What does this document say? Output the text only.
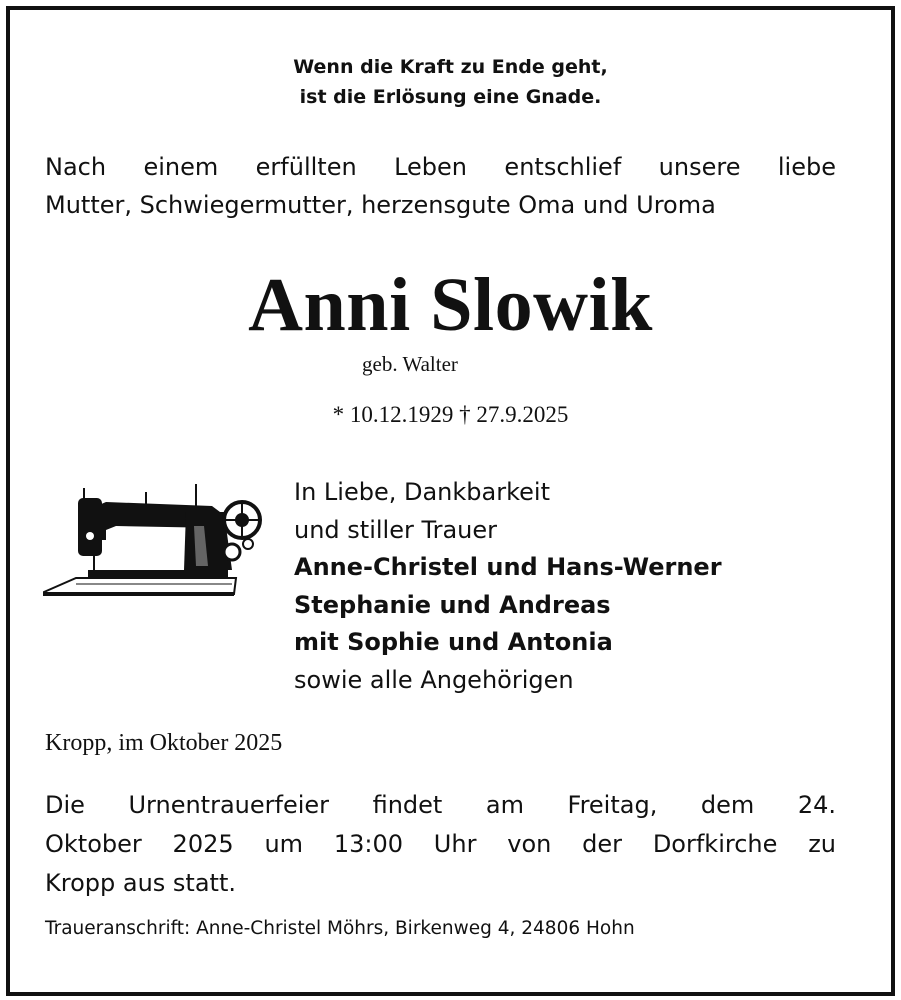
Wenn die Kraft zu Ende geht,
ist die Erlösung eine Gnade.
Nach einem erfüllten Leben entschlief unsere liebe
Mutter, Schwiegermutter, herzensgute Oma und Uroma
Anni Slowik
geb. Walter
* 10.12.1929 † 27.9.2025
In Liebe, Dankbarkeit
und stiller Trauer
Anne-Christel und Hans-Werner
Stephanie und Andreas
mit Sophie und Antonia
sowie alle Angehörigen
Kropp, im Oktober 2025
Die Urnentrauerfeier findet am Freitag, dem 24.
Oktober 2025 um 13:00 Uhr von der Dorfkirche zu
Kropp aus statt.
Traueranschrift: Anne-Christel Möhrs, Birkenweg 4, 24806 Hohn
